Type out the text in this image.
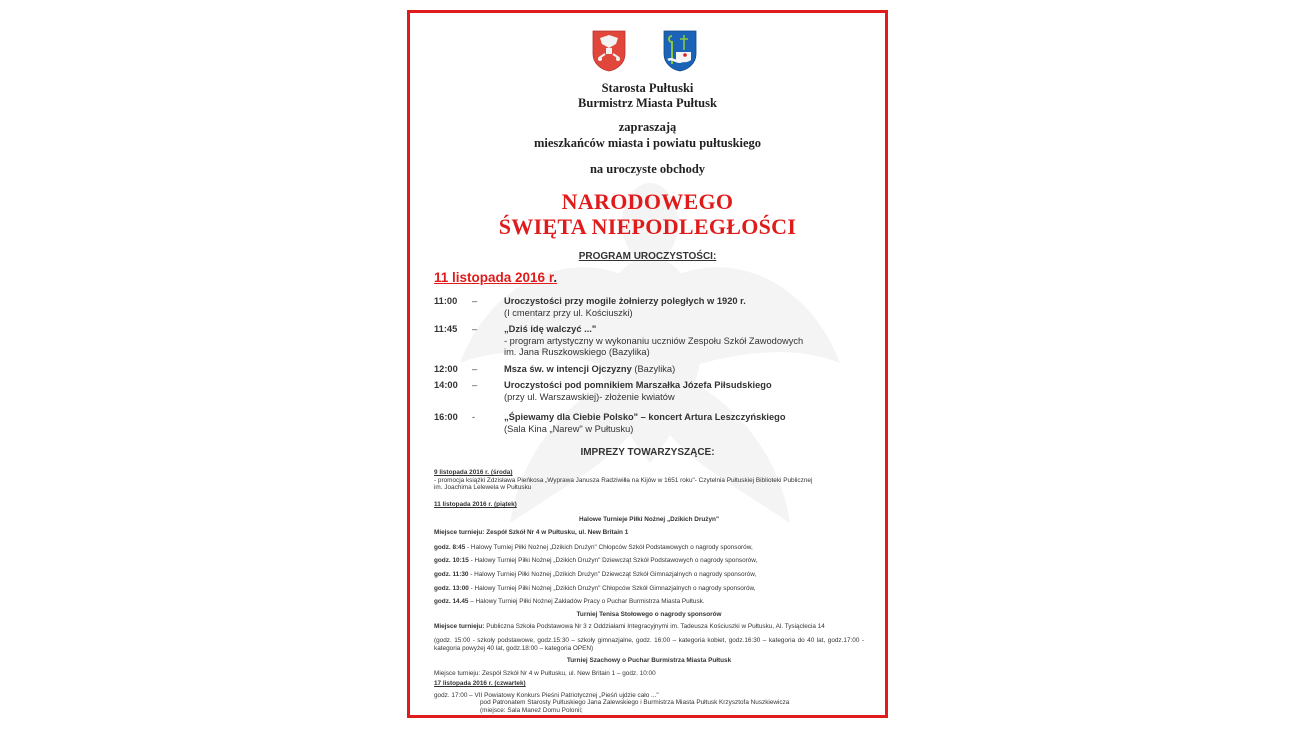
Starosta Pułtuski
Burmistrz Miasta Pułtusk
zapraszają
mieszkańców miasta i powiatu pułtuskiego
na uroczyste obchody
NARODOWEGO
ŚWIĘTA NIEPODLEGŁOŚCI
PROGRAM UROCZYSTOŚCI:
11 listopada 2016 r.
11:00	–	Uroczystości przy mogile żołnierzy poległych w 1920 r.
(I cmentarz przy ul. Kościuszki)
11:45	–	„Dziś idę walczyć ..."
- program artystyczny w wykonaniu uczniów Zespołu Szkół Zawodowych
im. Jana Ruszkowskiego (Bazylika)
12:00	–	Msza św. w intencji Ojczyzny (Bazylika)
14:00	–	Uroczystości pod pomnikiem Marszałka Józefa Piłsudskiego
(przy ul. Warszawskiej)- złożenie kwiatów
16:00	-	„Śpiewamy dla Ciebie Polsko" – koncert Artura Leszczyńskiego
(Sala Kina „Narew" w Pułtusku)
IMPREZY TOWARZYSZĄCE:
9 listopada 2016 r. (środa)
- promocja książki Zdzisława Pieńkosa „Wyprawa Janusza Radziwiłła na Kijów w 1651 roku"- Czytelnia Pułtuskiej Biblioteki Publicznej
im. Joachima Lelewela w Pułtusku
11 listopada 2016 r. (piątek)
Halowe Turnieje Piłki Nożnej „Dzikich Drużyn"
Miejsce turnieju: Zespół Szkół Nr 4 w Pułtusku, ul. New Britain 1
godz. 8:45 - Halowy Turniej Piłki Nożnej „Dzikich Drużyn" Chłopców Szkół Podstawowych o nagrody sponsorów,
godz. 10:15 - Halowy Turniej Piłki Nożnej „Dzikich Drużyn" Dziewcząt Szkół Podstawowych o nagrody sponsorów,
godz. 11:30 - Halowy Turniej Piłki Nożnej „Dzikich Drużyn" Dziewcząt Szkół Gimnazjalnych o nagrody sponsorów,
godz. 13:00 - Halowy Turniej Piłki Nożnej „Dzikich Drużyn" Chłopców Szkół Gimnazjalnych o nagrody sponsorów,
godz. 14.45 – Halowy Turniej Piłki Nożnej Zakładów Pracy o Puchar Burmistrza Miasta Pułtusk.
Turniej Tenisa Stołowego o nagrody sponsorów
Miejsce turnieju: Publiczna Szkoła Podstawowa Nr 3 z Oddziałami Integracyjnymi im. Tadeusza Kościuszki w Pułtusku, Al. Tysiąclecia 14
(godz. 15:00 - szkoły podstawowe, godz.15:30 – szkoły gimnazjalne, godz. 16:00 – kategoria kobiet, godz.16:30 – kategoria do 40 lat, godz.17:00 - kategoria powyżej 40 lat, godz.18:00 – kategoria OPEN)
Turniej Szachowy o Puchar Burmistrza Miasta Pułtusk
Miejsce turnieju: Zespół Szkół Nr 4 w Pułtusku, ul. New Britain 1 – godz. 10:00
17 listopada 2016 r. (czwartek)
godz. 17:00 – VII Powiatowy Konkurs Pieśni Patriotycznej „Pieśń ujdzie cało ..."
pod Patronatem Starosty Pułtuskiego Jana Zalewskiego i Burmistrza Miasta Pułtusk Krzysztofa Nuszkiewicza
(miejsce: Sala Maneż Domu Polonii;
